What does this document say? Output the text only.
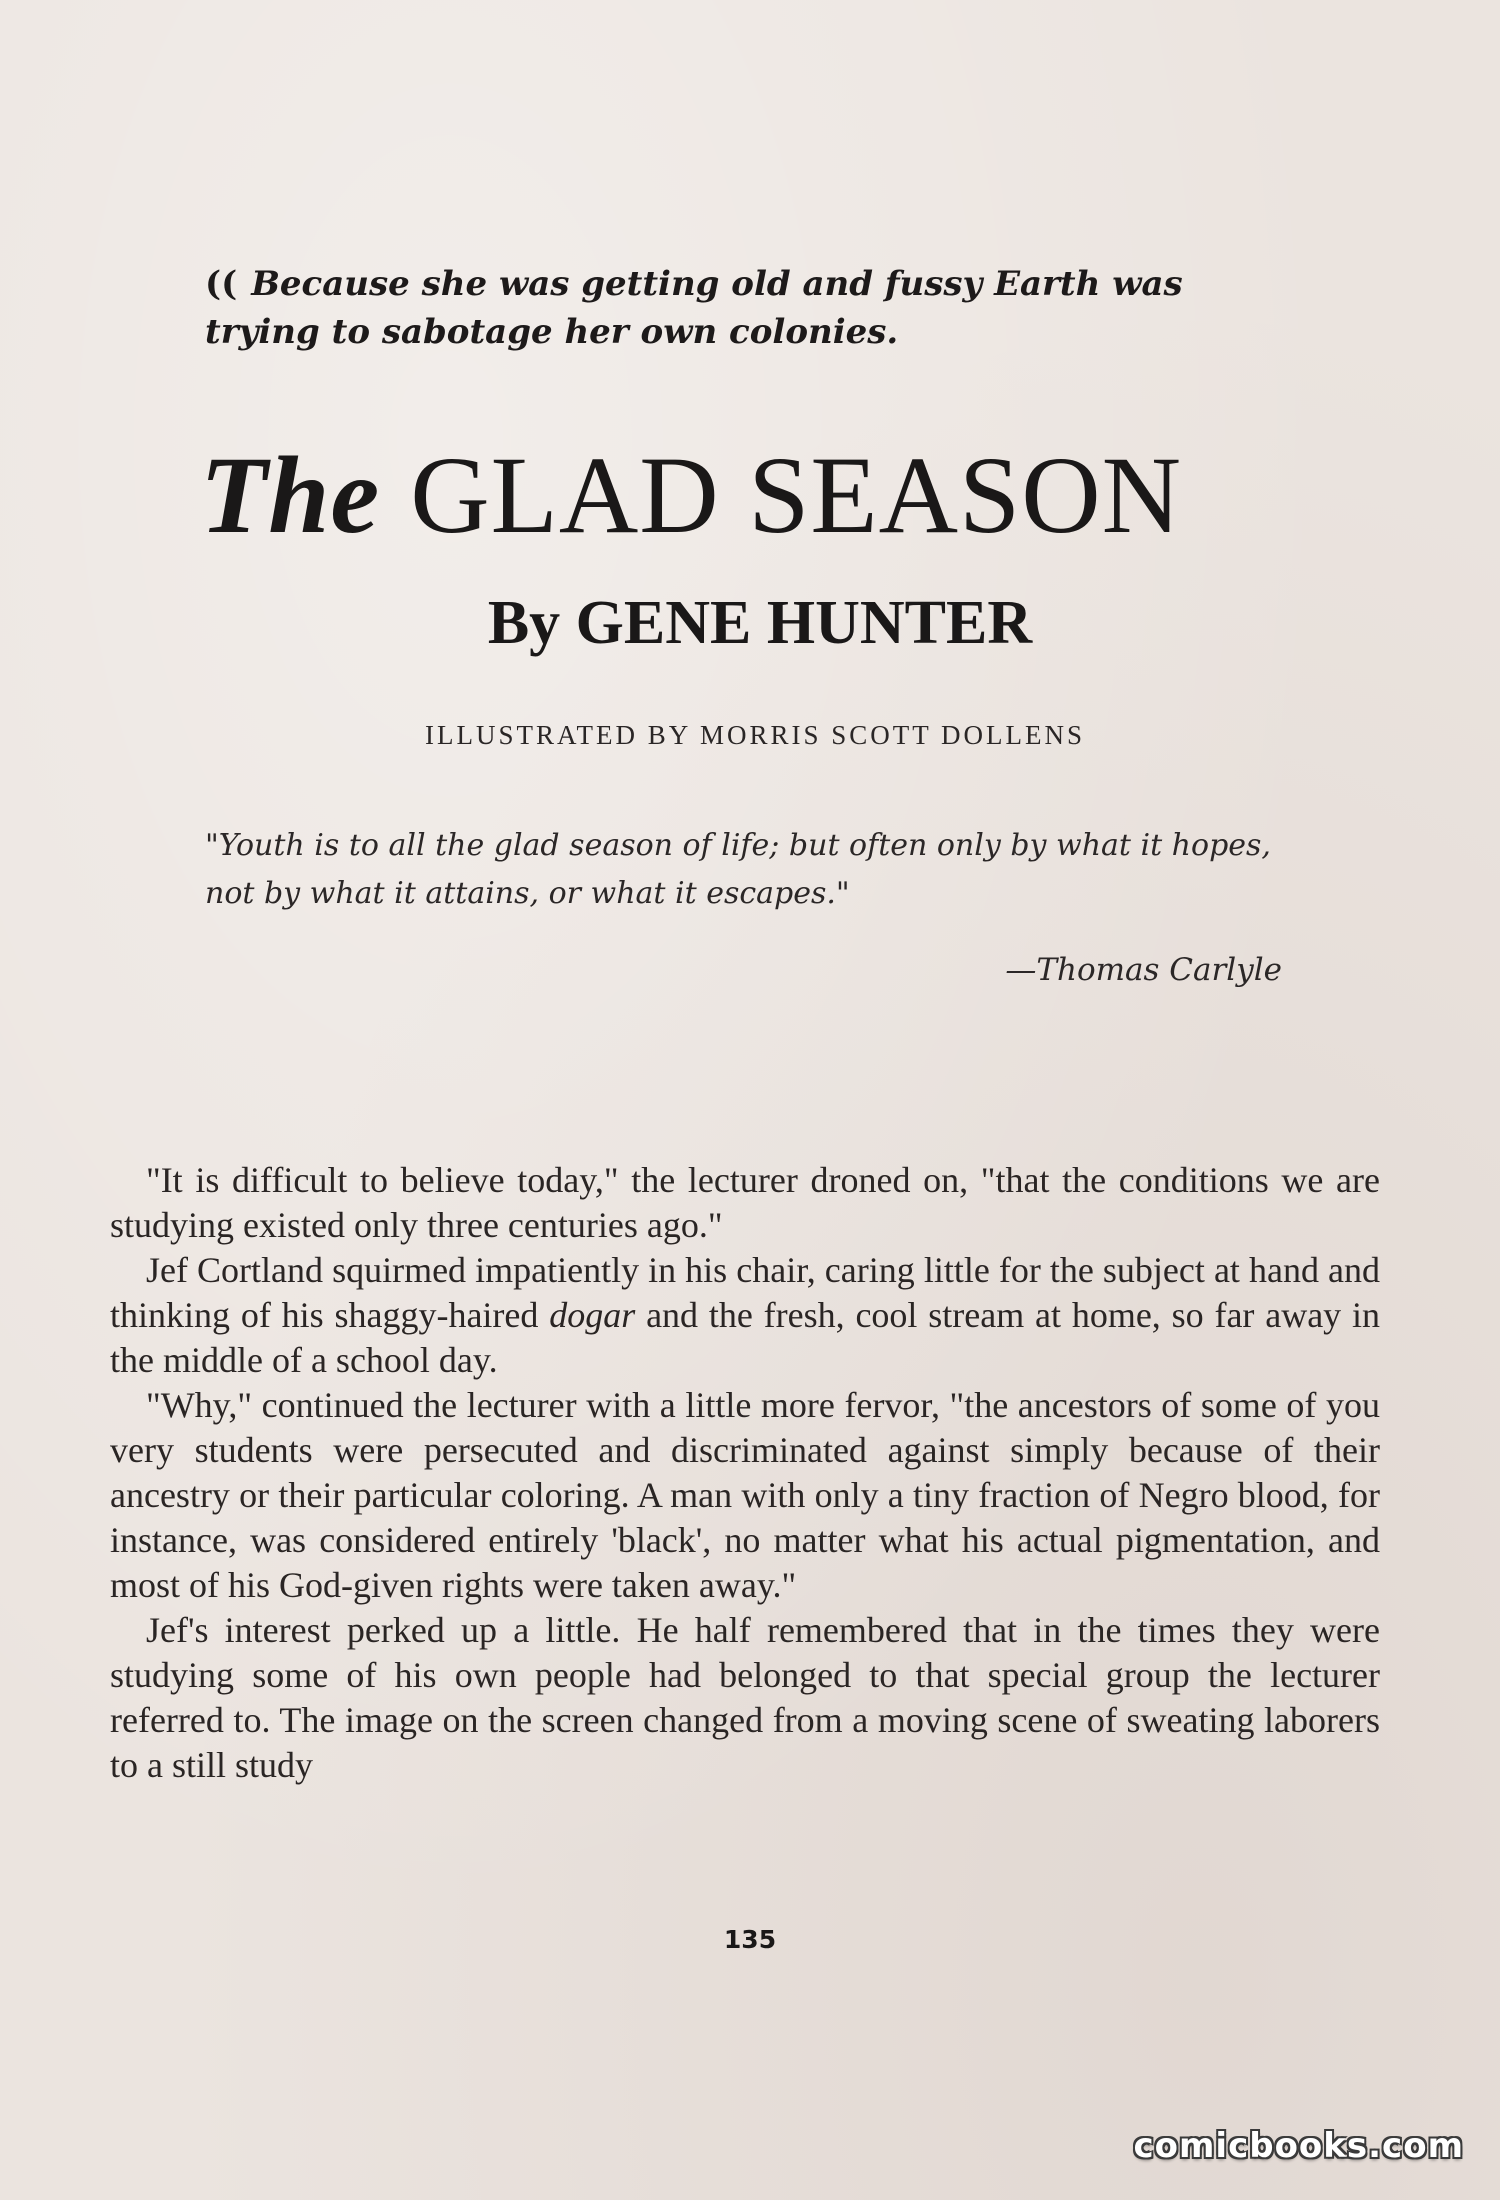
(( Because she was getting old and fussy Earth was trying to sabotage her own colonies.

The GLAD SEASON
By GENE HUNTER

ILLUSTRATED BY MORRIS SCOTT DOLLENS

"Youth is to all the glad season of life; but often only by what it hopes, not by what it attains, or what it escapes."

—Thomas Carlyle

"It is difficult to believe today," the lecturer droned on, "that the conditions we are studying existed only three centuries ago."

Jef Cortland squirmed impatiently in his chair, caring little for the subject at hand and thinking of his shaggy-haired dogar and the fresh, cool stream at home, so far away in the middle of a school day.

"Why," continued the lecturer with a little more fervor, "the ancestors of some of you very students were persecuted and discriminated against simply because of their ancestry or their particular coloring. A man with only a tiny fraction of Negro blood, for instance, was considered entirely 'black', no matter what his actual pigmentation, and most of his God-given rights were taken away."

Jef's interest perked up a little. He half remembered that in the times they were studying some of his own people had belonged to that special group the lecturer referred to. The image on the screen changed from a moving scene of sweating laborers to a still study

135

comicbooks.com
